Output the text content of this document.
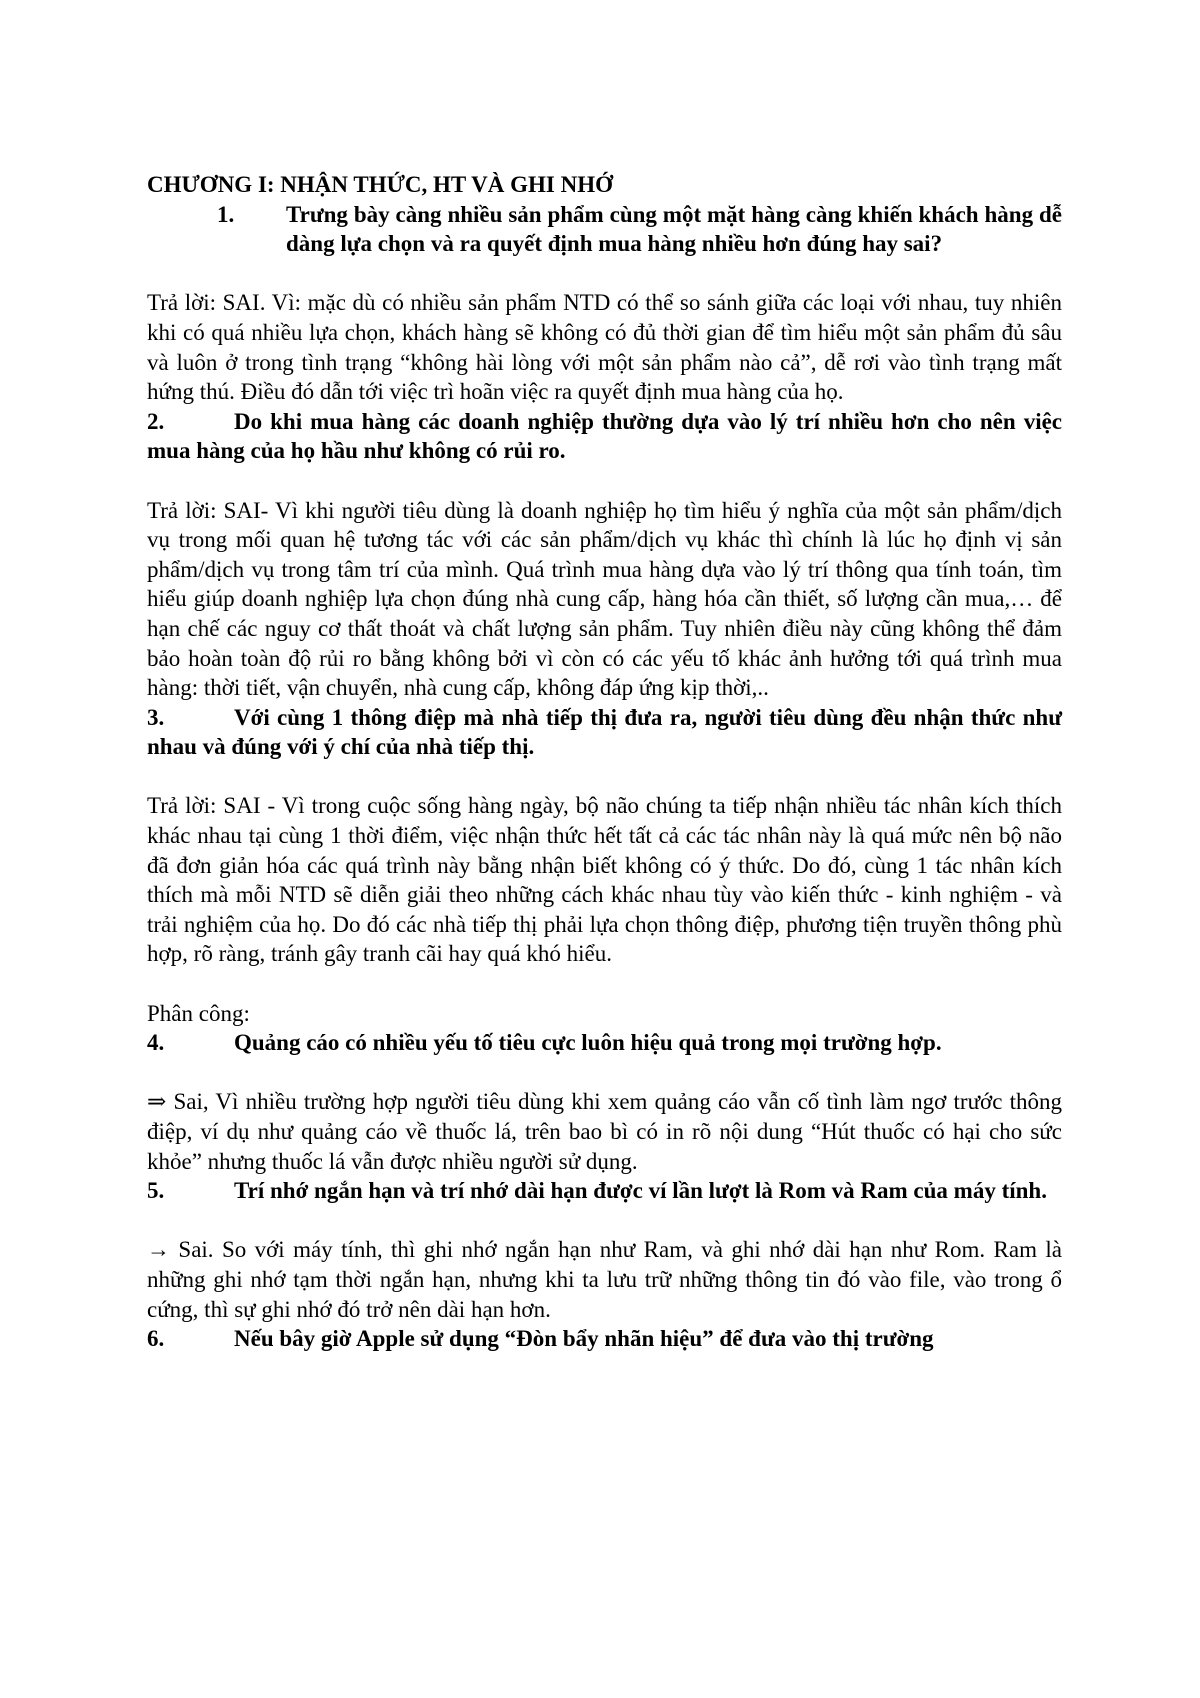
CHƯƠNG I: NHẬN THỨC, HT VÀ GHI NHỚ

1.	Trưng bày càng nhiều sản phẩm cùng một mặt hàng càng khiến khách hàng dễ dàng lựa chọn và ra quyết định mua hàng nhiều hơn đúng hay sai?

Trả lời: SAI. Vì: mặc dù có nhiều sản phẩm NTD có thể so sánh giữa các loại với nhau, tuy nhiên khi có quá nhiều lựa chọn, khách hàng sẽ không có đủ thời gian để tìm hiểu một sản phẩm đủ sâu và luôn ở trong tình trạng “không hài lòng với một sản phẩm nào cả”, dễ rơi vào tình trạng mất hứng thú. Điều đó dẫn tới việc trì hoãn việc ra quyết định mua hàng của họ.

2.	Do khi mua hàng các doanh nghiệp thường dựa vào lý trí nhiều hơn cho nên việc mua hàng của họ hầu như không có rủi ro.

Trả lời: SAI- Vì khi người tiêu dùng là doanh nghiệp họ tìm hiểu ý nghĩa của một sản phẩm/dịch vụ trong mối quan hệ tương tác với các sản phẩm/dịch vụ khác thì chính là lúc họ định vị sản phẩm/dịch vụ trong tâm trí của mình. Quá trình mua hàng dựa vào lý trí thông qua tính toán, tìm hiểu giúp doanh nghiệp lựa chọn đúng nhà cung cấp, hàng hóa cần thiết, số lượng cần mua,… để hạn chế các nguy cơ thất thoát và chất lượng sản phẩm. Tuy nhiên điều này cũng không thể đảm bảo hoàn toàn độ rủi ro bằng không bởi vì còn có các yếu tố khác ảnh hưởng tới quá trình mua hàng: thời tiết, vận chuyển, nhà cung cấp, không đáp ứng kịp thời,..

3.	Với cùng 1 thông điệp mà nhà tiếp thị đưa ra, người tiêu dùng đều nhận thức như nhau và đúng với ý chí của nhà tiếp thị.

Trả lời: SAI - Vì trong cuộc sống hàng ngày, bộ não chúng ta tiếp nhận nhiều tác nhân kích thích khác nhau tại cùng 1 thời điểm, việc nhận thức hết tất cả các tác nhân này là quá mức nên bộ não đã đơn giản hóa các quá trình này bằng nhận biết không có ý thức. Do đó, cùng 1 tác nhân kích thích mà mỗi NTD sẽ diễn giải theo những cách khác nhau tùy vào kiến thức - kinh nghiệm - và trải nghiệm của họ. Do đó các nhà tiếp thị phải lựa chọn thông điệp, phương tiện truyền thông phù hợp, rõ ràng, tránh gây tranh cãi hay quá khó hiểu.

Phân công:

4.	Quảng cáo có nhiều yếu tố tiêu cực luôn hiệu quả trong mọi trường hợp.

⇒ Sai, Vì nhiều trường hợp người tiêu dùng khi xem quảng cáo vẫn cố tình làm ngơ trước thông điệp, ví dụ như quảng cáo về thuốc lá, trên bao bì có in rõ nội dung “Hút thuốc có hại cho sức khỏe” nhưng thuốc lá vẫn được nhiều người sử dụng.

5.	Trí nhớ ngắn hạn và trí nhớ dài hạn được ví lần lượt là Rom và Ram của máy tính.

→ Sai. So với máy tính, thì ghi nhớ ngắn hạn như Ram, và ghi nhớ dài hạn như Rom. Ram là những ghi nhớ tạm thời ngắn hạn, nhưng khi ta lưu trữ những thông tin đó vào file, vào trong ổ cứng, thì sự ghi nhớ đó trở nên dài hạn hơn.

6.	Nếu bây giờ Apple sử dụng “Đòn bẩy nhãn hiệu” để đưa vào thị trường
